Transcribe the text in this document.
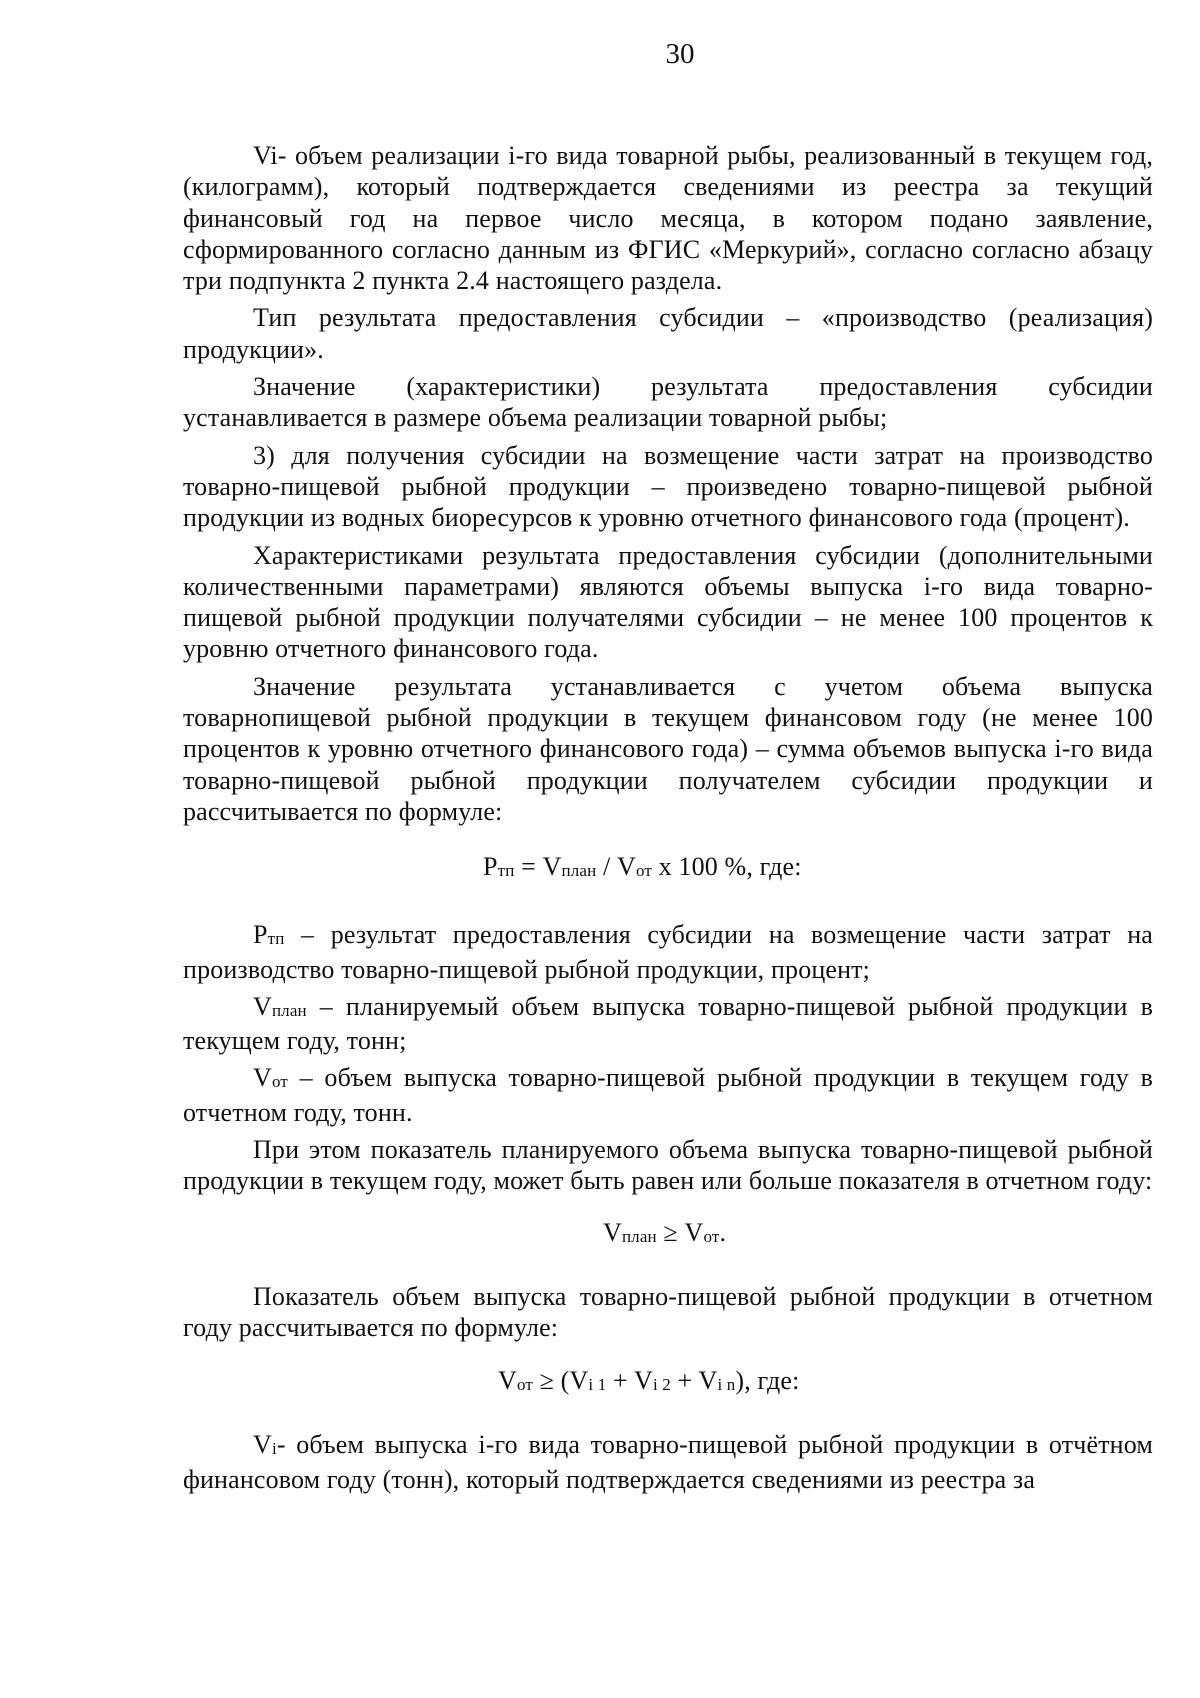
30

Vi- объем реализации i-го вида товарной рыбы, реализованный в текущем год, (килограмм), который подтверждается сведениями из реестра за текущий финансовый год на первое число месяца, в котором подано заявление, сформированного согласно данным из ФГИС «Меркурий», согласно согласно абзацу три подпункта 2 пункта 2.4 настоящего раздела.

Тип результата предоставления субсидии – «производство (реализация) продукции».

Значение (характеристики) результата предоставления субсидии устанавливается в размере объема реализации товарной рыбы;

3) для получения субсидии на возмещение части затрат на производство товарно-пищевой рыбной продукции – произведено товарно-пищевой рыбной продукции из водных биоресурсов к уровню отчетного финансового года (процент).

Характеристиками результата предоставления субсидии (дополнительными количественными параметрами) являются объемы выпуска i-го вида товарно-пищевой рыбной продукции получателями субсидии – не менее 100 процентов к уровню отчетного финансового года.

Значение результата устанавливается с учетом объема выпуска товарнопищевой рыбной продукции в текущем финансовом году (не менее 100 процентов к уровню отчетного финансового года) – сумма объемов выпуска i-го вида товарно-пищевой рыбной продукции получателем субсидии продукции и рассчитывается по формуле:

Pтп = Vплан / Vот x 100 %, где:

Pтп – результат предоставления субсидии на возмещение части затрат на производство товарно-пищевой рыбной продукции, процент;

Vплан – планируемый объем выпуска товарно-пищевой рыбной продукции в текущем году, тонн;

Vот – объем выпуска товарно-пищевой рыбной продукции в текущем году в отчетном году, тонн.

При этом показатель планируемого объема выпуска товарно-пищевой рыбной продукции в текущем году, может быть равен или больше показателя в отчетном году:

Vплан ≥ Vот.

Показатель объем выпуска товарно-пищевой рыбной продукции в отчетном году рассчитывается по формуле:

Vот ≥ (Vi 1 + Vi 2 + Vi n), где:

Vi- объем выпуска i-го вида товарно-пищевой рыбной продукции в отчётном финансовом году (тонн), который подтверждается сведениями из реестра за
